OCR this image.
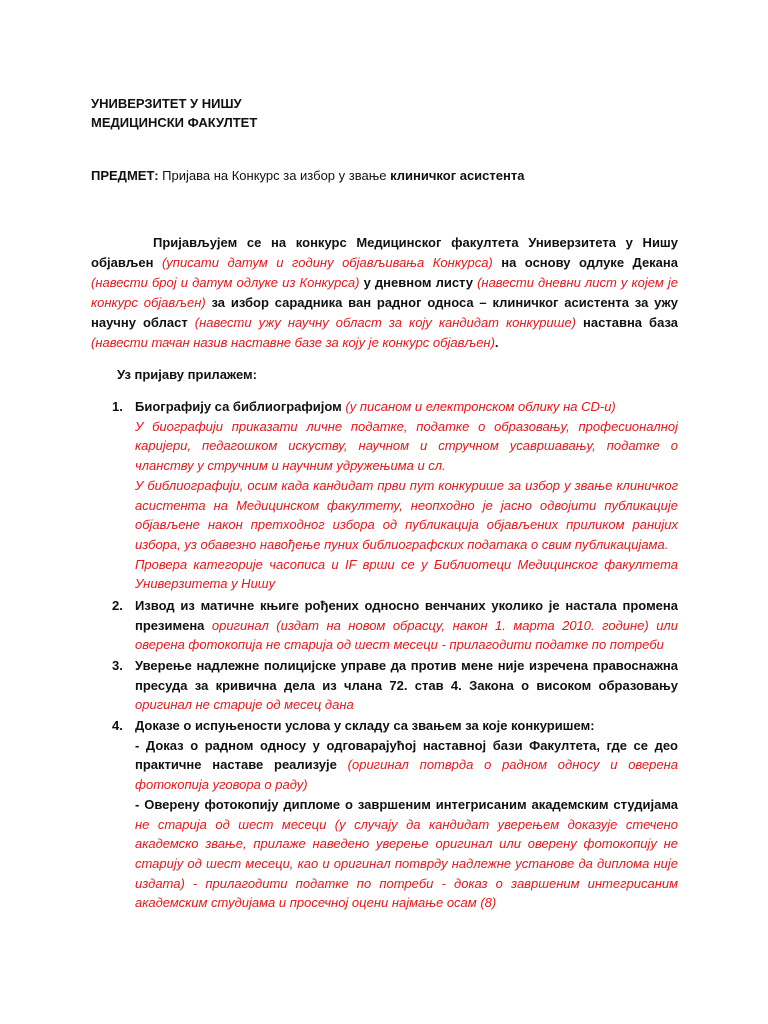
УНИВЕРЗИТЕТ У НИШУ
МЕДИЦИНСКИ ФАКУЛТЕТ
ПРЕДМЕТ: Пријава на Конкурс за избор у звање клиничког асистента
Пријављујем се на конкурс Медицинског факултета Универзитета у Нишу објављен (уписати датум и годину објављивања Конкурса) на основу одлуке Декана (навести број и датум одлуке из Конкурса) у дневном листу (навести дневни лист у којем је конкурс објављен) за избор сарадника ван радног односа – клиничког асистента за ужу научну област (навести ужу научну област за коју кандидат конкурише) наставна база (навести тачан назив наставне базе за коју је конкурс објављен).
Уз пријаву прилажем:
1. Биографију са библиографијом (у писаном и електронском облику на CD-u)
У биографији приказати личне податке, податке о образовању, професионалној каријери, педагошком искуству, научном и стручном усавршавању, податке о чланству у стручним и научним удружењима и сл.
У библиографији, осим када кандидат први пут конкурише за избор у звање клиничког асистента на Медицинском факултету, неопходно је јасно одвојити публикације објављене након претходног избора од публикација објављених приликом ранијих избора, уз обавезно навођење пуних библиографских података о свим публикацијама.
Провера категорије часописа и IF врши се у Библиотеци Медицинског факултета Универзитета у Нишу
2. Извод из матичне књиге рођених односно венчаних уколико је настала промена презимена оригинал (издат на новом обрасцу, након 1. марта 2010. године) или оверена фотокопија не старија од шест месеци - прилагодити податке по потреби
3. Уверење надлежне полицијске управе да против мене није изречена правоснажна пресуда за кривична дела из члана 72. став 4. Закона о високом образовању оригинал не старије од месец дана
4. Доказе о испуњености услова у складу са звањем за које конкуришем:
- Доказ о радном односу у одговарајућој наставној бази Факултета, где се део практичне наставе реализује (оригинал потврда о радном односу и оверена фотокопија уговора о раду)
- Оверену фотокопију дипломе о завршеним интегрисаним академским студијама не старија од шест месеци (у случају да кандидат уверењем доказује стечено академско звање, прилаже наведено уверење оригинал или оверену фотокопију не старију од шест месеци, као и оригинал потврду надлежне установе да диплома није издата) - прилагодити податке по потреби - доказ о завршеним интегрисаним академским студијама и просечној оцени најмање осам (8)
